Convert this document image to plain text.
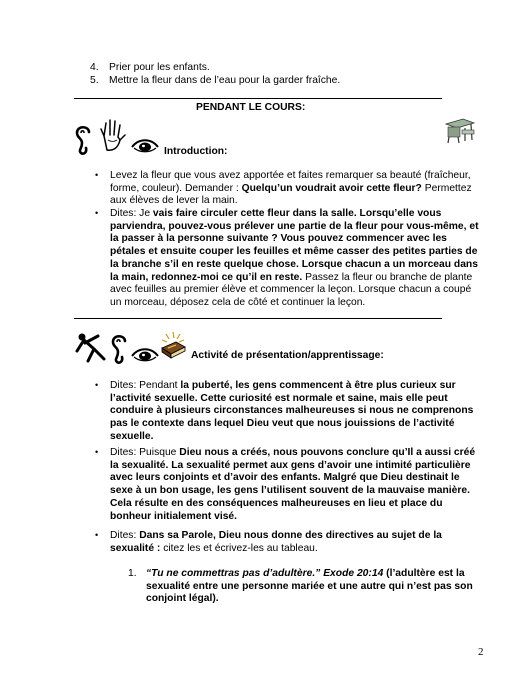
4.	Prier pour les enfants.
5.	Mettre la fleur dans de l’eau pour la garder fraîche.
PENDANT LE COURS:
Introduction:
• Levez la fleur que vous avez apportée et faites remarquer sa beauté (fraîcheur, forme, couleur). Demander : Quelqu’un voudrait avoir cette fleur? Permettez aux élèves de lever la main.
• Dites: Je vais faire circuler cette fleur dans la salle. Lorsqu’elle vous parviendra, pouvez-vous prélever une partie de la fleur pour vous-même, et la passer à la personne suivante ? Vous pouvez commencer avec les pétales et ensuite couper les feuilles et même casser des petites parties de la branche s’il en reste quelque chose. Lorsque chacun a un morceau dans la main, redonnez-moi ce qu’il en reste. Passez la fleur ou branche de plante avec feuilles au premier élève et commencer la leçon. Lorsque chacun a coupé un morceau, déposez cela de côté et continuer la leçon.
Activité de présentation/apprentissage:
• Dites: Pendant la puberté, les gens commencent à être plus curieux sur l’activité sexuelle. Cette curiosité est normale et saine, mais elle peut conduire à plusieurs circonstances malheureuses si nous ne comprenons pas le contexte dans lequel Dieu veut que nous jouissions de l’activité sexuelle.
• Dites: Puisque Dieu nous a créés, nous pouvons conclure qu’Il a aussi créé la sexualité. La sexualité permet aux gens d’avoir une intimité particulière avec leurs conjoints et d’avoir des enfants. Malgré que Dieu destinait le sexe à un bon usage, les gens l’utilisent souvent de la mauvaise manière. Cela résulte en des conséquences malheureuses en lieu et place du bonheur initialement visé.
• Dites: Dans sa Parole, Dieu nous donne des directives au sujet de la sexualité : citez les et écrivez-les au tableau.
1. “Tu ne commettras pas d’adultère.” Exode 20:14 (l’adultère est la sexualité entre une personne mariée et une autre qui n’est pas son conjoint légal).
2
